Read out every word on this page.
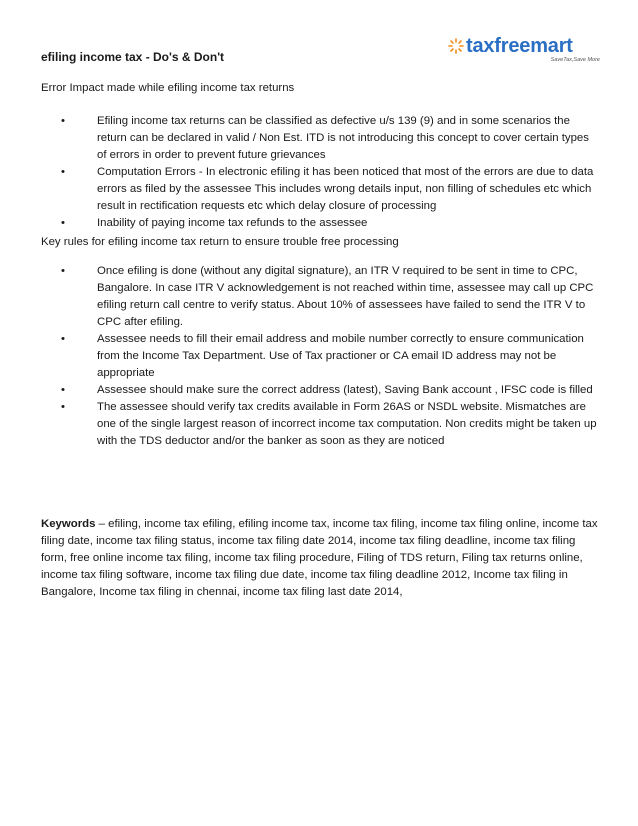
taxfreemart
SaveTax,Save More
efiling income tax - Do's & Don't
Error Impact made while efiling income tax returns
•	Efiling income tax returns can be classified as defective u/s 139 (9) and in some scenarios the return can be declared in valid / Non Est. ITD is not introducing this concept to cover certain types of errors in order to prevent future grievances
•	Computation Errors - In electronic efiling it has been noticed that most of the errors are due to data errors as filed by the assessee This includes wrong details input, non filling of schedules etc which result in rectification requests etc which delay closure of processing
•	Inability of paying income tax refunds to the assessee
Key rules for efiling income tax return to ensure trouble free processing
•	Once efiling is done (without any digital signature), an ITR V required to be sent in time to CPC, Bangalore. In case ITR V acknowledgement is not reached within time, assessee may call up CPC efiling return call centre to verify status. About 10% of assessees have failed to send the ITR V to CPC after efiling.
•	Assessee needs to fill their email address and mobile number correctly to ensure communication from the Income Tax Department. Use of Tax practioner or CA email ID address may not be appropriate
•	Assessee should make sure the correct address (latest), Saving Bank account , IFSC code is filled
•	The assessee should verify tax credits available in Form 26AS or NSDL website. Mismatches are one of the single largest reason of incorrect income tax computation. Non credits might be taken up with the TDS deductor and/or the banker as soon as they are noticed
Keywords – efiling, income tax efiling, efiling income tax, income tax filing, income tax filing online, income tax filing date, income tax filing status, income tax filing date 2014, income tax filing deadline, income tax filing form, free online income tax filing, income tax filing procedure, Filing of TDS return, Filing tax returns online, income tax filing software, income tax filing due date, income tax filing deadline 2012, Income tax filing in Bangalore, Income tax filing in chennai, income tax filing last date 2014,
